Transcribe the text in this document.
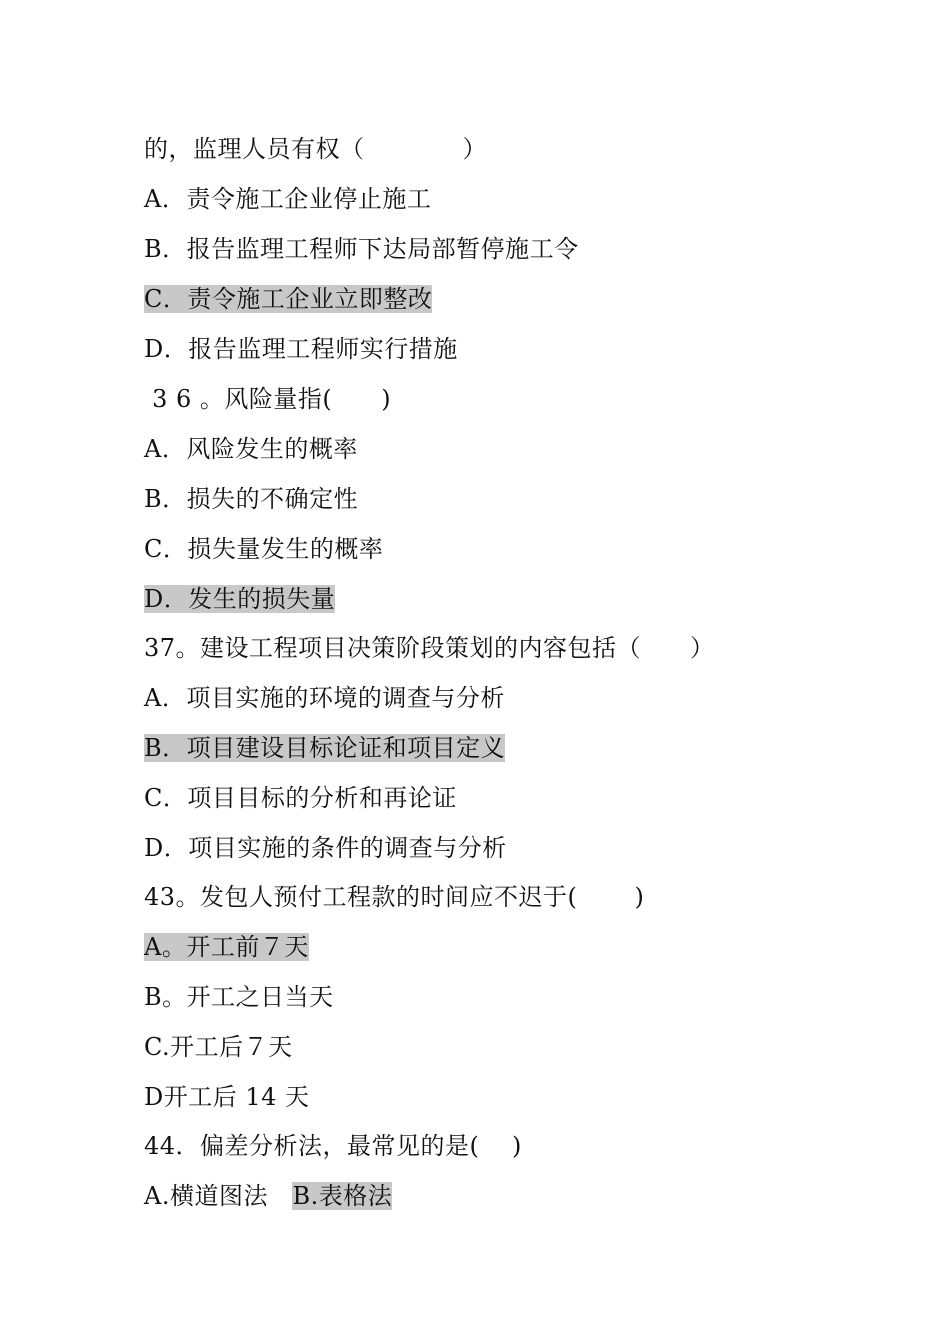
的，监理人员有权（　　　　）
A．责令施工企业停止施工
B．报告监理工程师下达局部暂停施工令
C．责令施工企业立即整改
D．报告监理工程师实行措施
3 6 。风险量指(　　)
A．风险发生的概率
B．损失的不确定性
C．损失量发生的概率
D．发生的损失量
37。建设工程项目决策阶段策划的内容包括（　　）
A．项目实施的环境的调查与分析
B．项目建设目标论证和项目定义
C．项目目标的分析和再论证
D．项目实施的条件的调查与分析
43。发包人预付工程款的时间应不迟于(　　 )
A。开工前７天
B。开工之日当天
C.开工后７天
D开工后 14 天
44．偏差分析法，最常见的是(　 )
A.横道图法　B.表格法
